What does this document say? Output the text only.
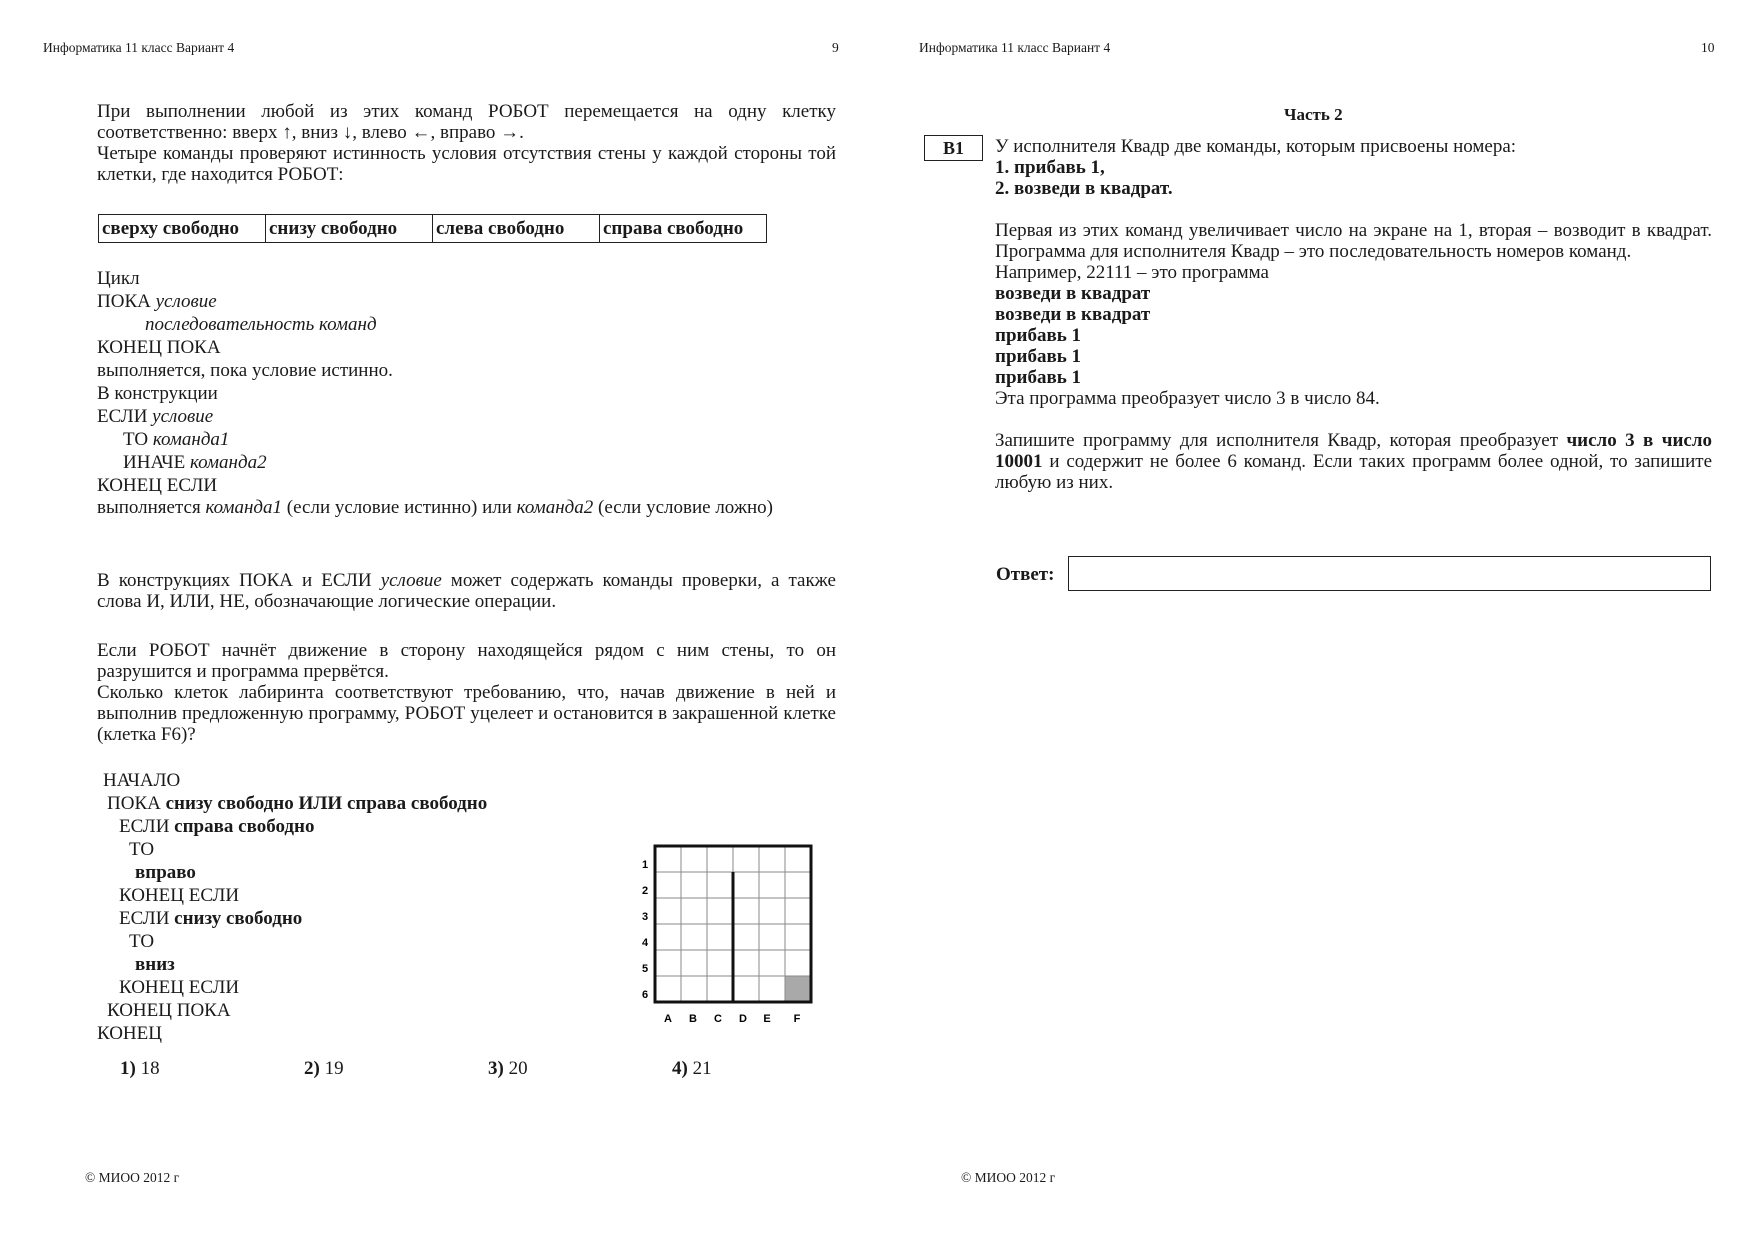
Информатика 11 класс Вариант 4	9

При выполнении любой из этих команд РОБОТ перемещается на одну клетку соответственно: вверх ↑, вниз ↓, влево ←, вправо →.

Четыре команды проверяют истинность условия отсутствия стены у каждой стороны той клетки, где находится РОБОТ:

сверху свободно	снизу свободно	слева свободно	справа свободно
Цикл
ПОКА условие
последовательность команд
КОНЕЦ ПОКА
выполняется, пока условие истинно.
В конструкции
ЕСЛИ условие
ТО команда1
ИНАЧЕ команда2
КОНЕЦ ЕСЛИ

выполняется команда1 (если условие истинно) или команда2 (если условие ложно)

В конструкциях ПОКА и ЕСЛИ условие может содержать команды проверки, а также слова И, ИЛИ, НЕ, обозначающие логические операции.

Если РОБОТ начнёт движение в сторону находящейся рядом с ним стены, то он разрушится и программа прервётся.

Сколько клеток лабиринта соответствуют требованию, что, начав движение в ней и выполнив предложенную программу, РОБОТ уцелеет и остановится в закрашенной клетке (клетка F6)?

НАЧАЛО
ПОКА снизу свободно ИЛИ справа свободно
ЕСЛИ справа свободно
ТО
вправо
КОНЕЦ ЕСЛИ
ЕСЛИ снизу свободно
ТО
вниз
КОНЕЦ ЕСЛИ
КОНЕЦ ПОКА
КОНЕЦ
1
2
3
4
5
6
A B C D E F
1) 18	2) 19	3) 20	4) 21
© МИОО 2012 г
Информатика 11 класс Вариант 4	10
Часть 2
B1	У исполнителя Квадр две команды, которым присвоены номера:

1. прибавь 1,

2. возведи в квадрат.

Первая из этих команд увеличивает число на экране на 1, вторая – возводит в квадрат. Программа для исполнителя Квадр – это последовательность номеров команд.

Например, 22111 – это программа

возведи в квадрат

возведи в квадрат

прибавь 1

прибавь 1

прибавь 1

Эта программа преобразует число 3 в число 84.

Запишите программу для исполнителя Квадр, которая преобразует число 3 в число 10001 и содержит не более 6 команд. Если таких программ более одной, то запишите любую из них.

Ответ:
© МИОО 2012 г
